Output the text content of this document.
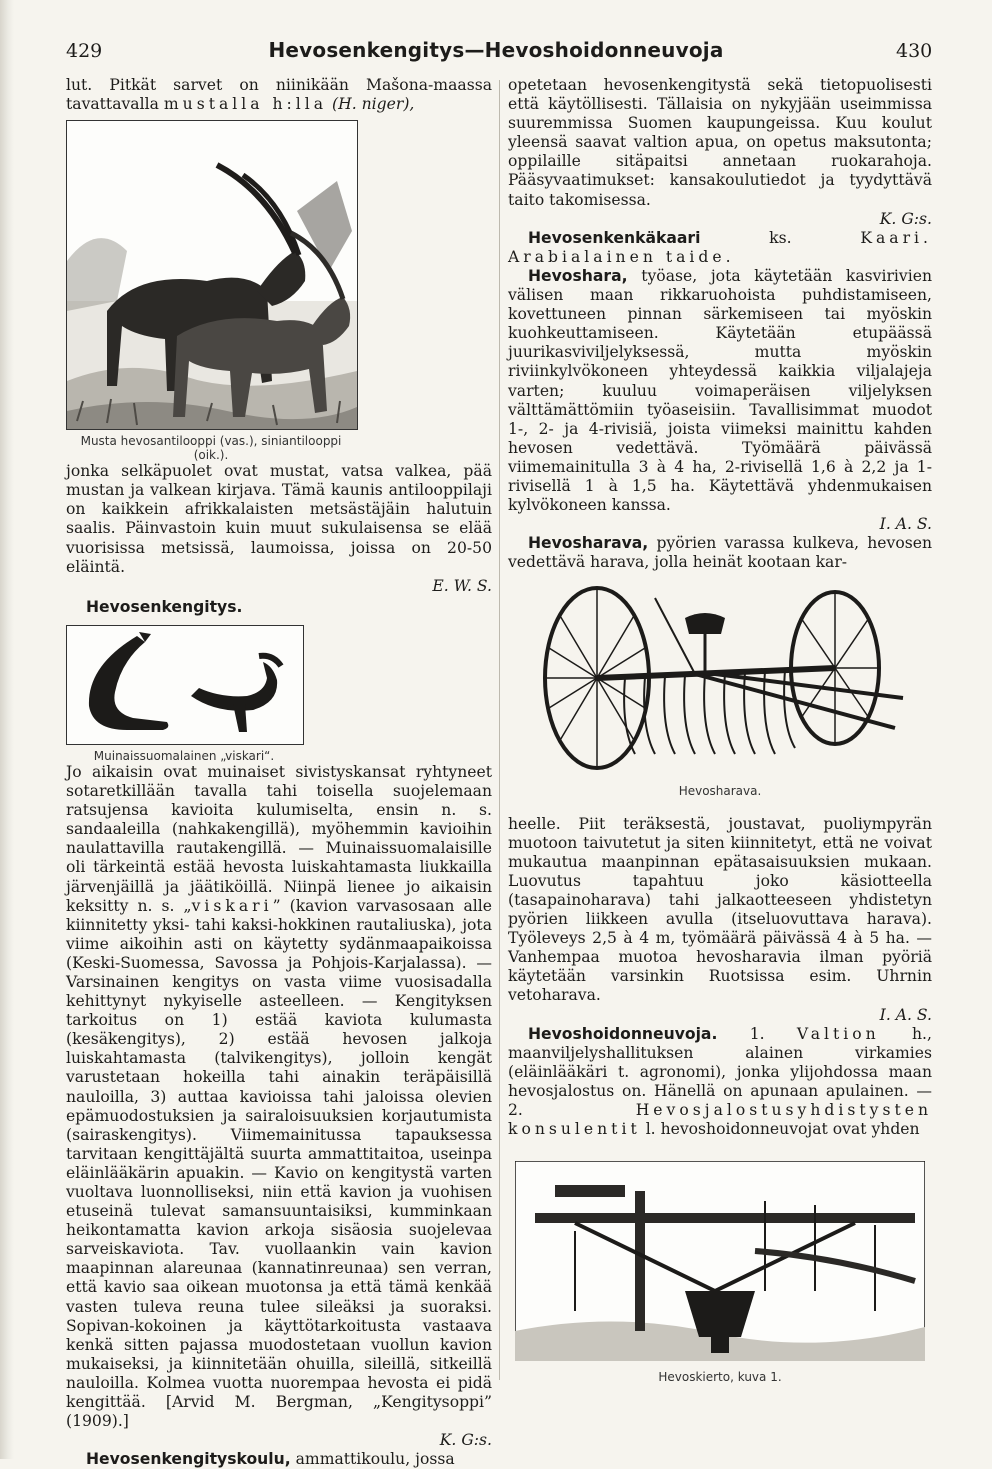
429	Hevosenkengitys—Hevoshoidonneuvoja	430

lut. Pitkät sarvet on niinikään Mašona-maassa tavattavalla mustalla h:lla (H. niger),

Musta hevosantilooppi (vas.), siniantilooppi (oik.).
jonka selkäpuolet ovat mustat, vatsa valkea, pää mustan ja valkean kirjava. Tämä kaunis antilooppilaji on kaikkein afrikkalaisten metsästäjäin halutuin saalis. Päinvastoin kuin muut sukulaisensa se elää vuorisissa metsissä, laumoissa, joissa on 20-50 eläintä.

E. W. S.

Hevosenkengitys.

Muinaissuomalainen „viskari“.
Jo aikaisin ovat muinaiset sivistyskansat ryhtyneet sotaretkillään tavalla tahi toisella suojelemaan ratsujensa kavioita kulumiselta, ensin n. s. sandaaleilla (nahkakengillä), myöhemmin kavioihin naulattavilla rautakengillä. — Muinaissuomalaisille oli tärkeintä estää hevosta luiskahtamasta liukkailla järvenjäillä ja jäätiköillä. Niinpä lienee jo aikaisin keksitty n. s. „viskari” (kavion varvasosaan alle kiinnitetty yksi- tahi kaksi-hokkinen rautaliuska), jota viime aikoihin asti on käytetty sydänmaapaikoissa (Keski-Suomessa, Savossa ja Pohjois-Karjalassa). — Varsinainen kengitys on vasta viime vuosisadalla kehittynyt nykyiselle asteelleen. — Kengityksen tarkoitus on 1) estää kaviota kulumasta (kesäkengitys), 2) estää hevosen jalkoja luiskahtamasta (talvikengitys), jolloin kengät varustetaan hokeilla tahi ainakin teräpäisillä nauloilla, 3) auttaa kavioissa tahi jaloissa olevien epämuodostuksien ja sairaloisuuksien korjautumista (sairaskengitys). Viimemainitussa tapauksessa tarvitaan kengittäjältä suurta ammattitaitoa, useinpa eläinlääkärin apuakin. — Kavio on kengitystä varten vuoltava luonnolliseksi, niin että kavion ja vuohisen etuseinä tulevat samansuuntaisiksi, kumminkaan heikontamatta kavion arkoja sisäosia suojelevaa sarveiskaviota. Tav. vuollaankin vain kavion maapinnan alareunaa (kannatinreunaa) sen verran, että kavio saa oikean muotonsa ja että tämä kenkää vasten tuleva reuna tulee sileäksi ja suoraksi. Sopivan-kokoinen ja käyttötarkoitusta vastaava kenkä sitten pajassa muodostetaan vuollun kavion mukaiseksi, ja kiinnitetään ohuilla, sileillä, sitkeillä nauloilla. Kolmea vuotta nuorempaa hevosta ei pidä kengittää. [Arvid M. Bergman, „Kengitysoppi” (1909).]

K. G:s.

Hevosenkengityskoulu, ammattikoulu, jossa

opetetaan hevosenkengitystä sekä tietopuolisesti että käytöllisesti. Tällaisia on nykyjään useimmissa suuremmissa Suomen kaupungeissa. Kuu koulut yleensä saavat valtion apua, on opetus maksutonta; oppilaille sitäpaitsi annetaan ruokarahoja. Pääsyvaatimukset: kansakoulutiedot ja tyydyttävä taito takomisessa.

K. G:s.

Hevosenkenkäkaari	ks.	Kaari. Arabialainen taide.

Hevoshara, työase, jota käytetään kasvirivien välisen maan rikkaruohoista puhdistamiseen, kovettuneen pinnan särkemiseen tai myöskin kuohkeuttamiseen. Käytetään etupäässä juurikasviviljelyksessä, mutta myöskin riviinkylvökoneen yhteydessä kaikkia viljalajeja varten; kuuluu voimaperäisen viljelyksen välttämättömiin työaseisiin. Tavallisimmat muodot 1-, 2- ja 4-rivisiä, joista viimeksi mainittu kahden hevosen vedettävä. Työmäärä päivässä viimemainitulla 3 à 4 ha, 2-rivisellä 1,6 à 2,2 ja 1-rivisellä 1 à 1,5 ha. Käytettävä yhdenmukaisen kylvökoneen kanssa.

I. A. S.

Hevosharava, pyörien varassa kulkeva, hevosen vedettävä harava, jolla heinät kootaan kar-

Hevosharava.

heelle. Piit teräksestä, joustavat, puoliympyrän muotoon taivutetut ja siten kiinnitetyt, että ne voivat mukautua maanpinnan epätasaisuuksien mukaan. Luovutus tapahtuu joko käsiotteella (tasapainoharava) tahi jalkaotteeseen yhdistetyn pyörien liikkeen avulla (itseluovuttava harava). Työleveys 2,5 à 4 m, työmäärä päivässä 4 à 5 ha. — Vanhempaa muotoa hevosharavia ilman pyöriä käytetään varsinkin Ruotsissa esim. Uhrnin vetoharava.

I. A. S.

Hevoshoidonneuvoja. 1. Valtion h., maanviljelyshallituksen alainen virkamies (eläinlääkäri t. agronomi), jonka ylijohdossa maan hevosjalostus on. Hänellä on apunaan apulainen. — 2.	Hevosjalostusyhdistysten konsulentit l. hevoshoidonneuvojat ovat yhden

Hevoskierto, kuva 1.
